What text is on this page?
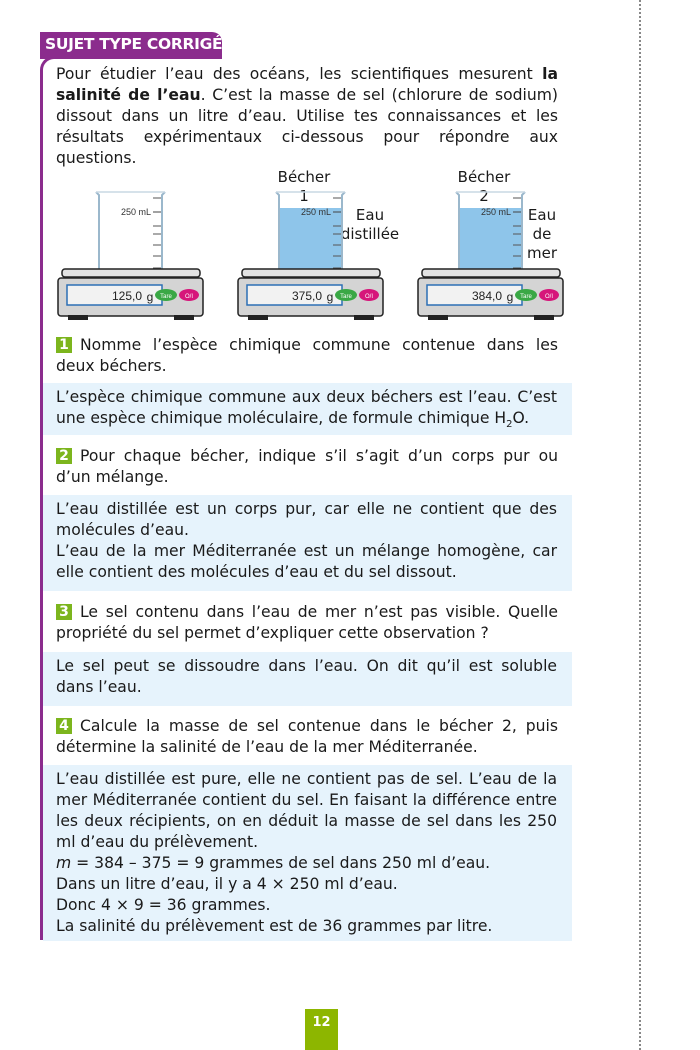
SUJET TYPE CORRIGÉ

Pour étudier l’eau des océans, les scientifiques mesurent la salinité de l’eau. C’est la masse de sel (chlorure de sodium) dissout dans un litre d’eau. Utilise tes connaissances et les résultats expérimentaux ci-dessous pour répondre aux questions.

Bécher 1
Bécher 2
Eau distillée
Eau
de
mer
250 mL
125,0 g Tare O/I
250 mL
375,0 g Tare O/I
250 mL
384,0 g Tare O/I

1 Nomme l’espèce chimique commune contenue dans les deux béchers.

L’espèce chimique commune aux deux béchers est l’eau. C’est une espèce chimique moléculaire, de formule chimique $H_2O$.

2 Pour chaque bécher, indique s’il s’agit d’un corps pur ou d’un mélange.

L’eau distillée est un corps pur, car elle ne contient que des molécules d’eau.

L’eau de la mer Méditerranée est un mélange homogène, car elle contient des molécules d’eau et du sel dissout.

3 Le sel contenu dans l’eau de mer n’est pas visible. Quelle propriété du sel permet d’expliquer cette observation ?

Le sel peut se dissoudre dans l’eau. On dit qu’il est soluble dans l’eau.

4 Calcule la masse de sel contenue dans le bécher 2, puis détermine la salinité de l’eau de la mer Méditerranée.

L’eau distillée est pure, elle ne contient pas de sel. L’eau de la mer Méditerranée contient du sel. En faisant la différence entre les deux récipients, on en déduit la masse de sel dans les 250 ml d’eau du prélèvement.

m = 384 – 375 = 9 grammes de sel dans 250 ml d’eau.

Dans un litre d’eau, il y a 4 × 250 ml d’eau.

Donc 4 × 9 = 36 grammes.

La salinité du prélèvement est de 36 grammes par litre.

12
